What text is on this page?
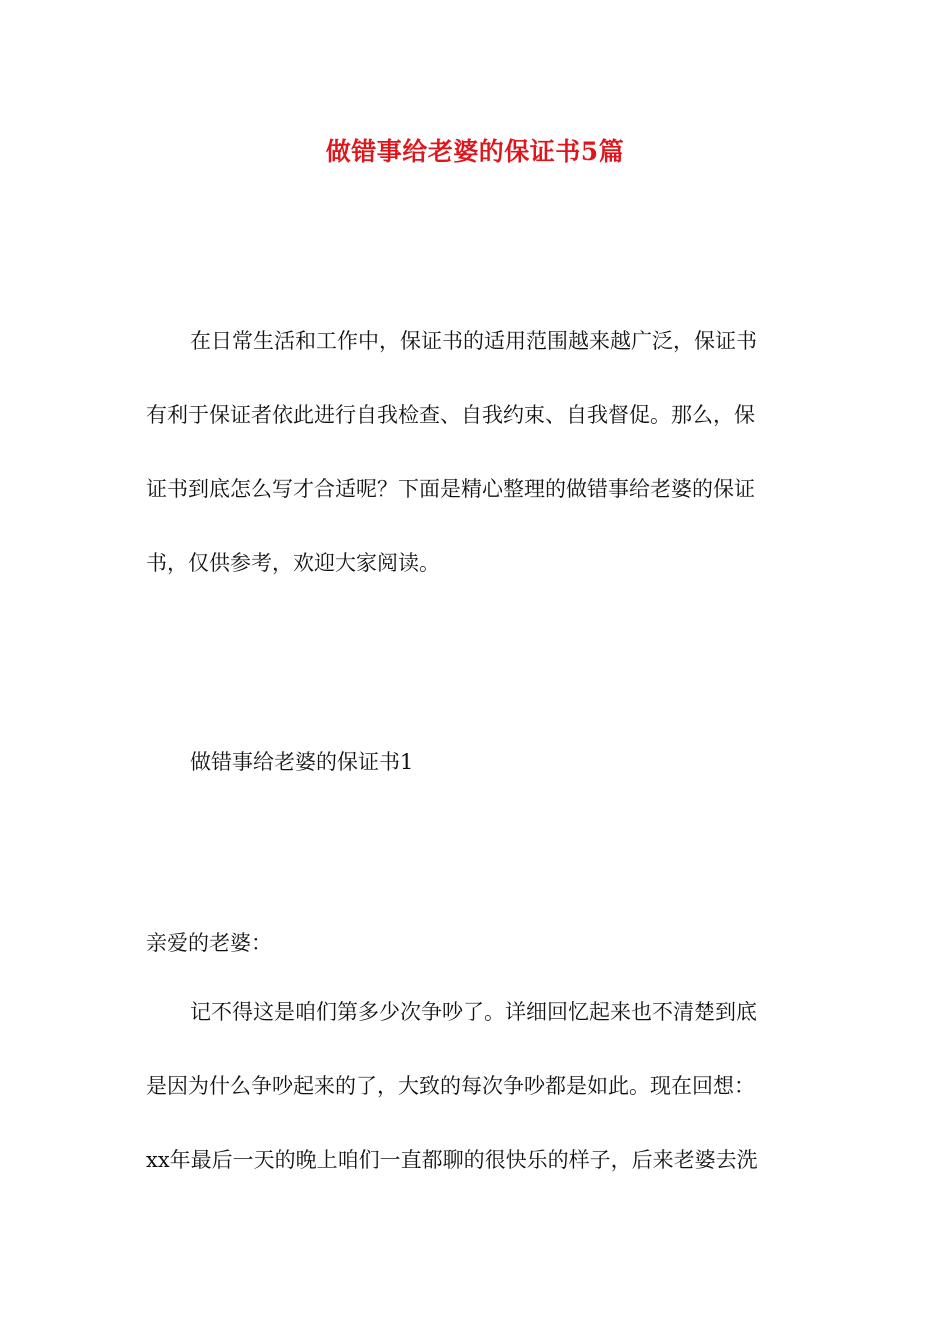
做错事给老婆的保证书5篇
在日常生活和工作中，保证书的适用范围越来越广泛，保证书
有利于保证者依此进行自我检查、自我约束、自我督促。那么，保
证书到底怎么写才合适呢？下面是精心整理的做错事给老婆的保证
书，仅供参考，欢迎大家阅读。
做错事给老婆的保证书1
亲爱的老婆：
记不得这是咱们第多少次争吵了。详细回忆起来也不清楚到底
是因为什么争吵起来的了，大致的每次争吵都是如此。现在回想：
xx年最后一天的晚上咱们一直都聊的很快乐的样子，后来老婆去洗
